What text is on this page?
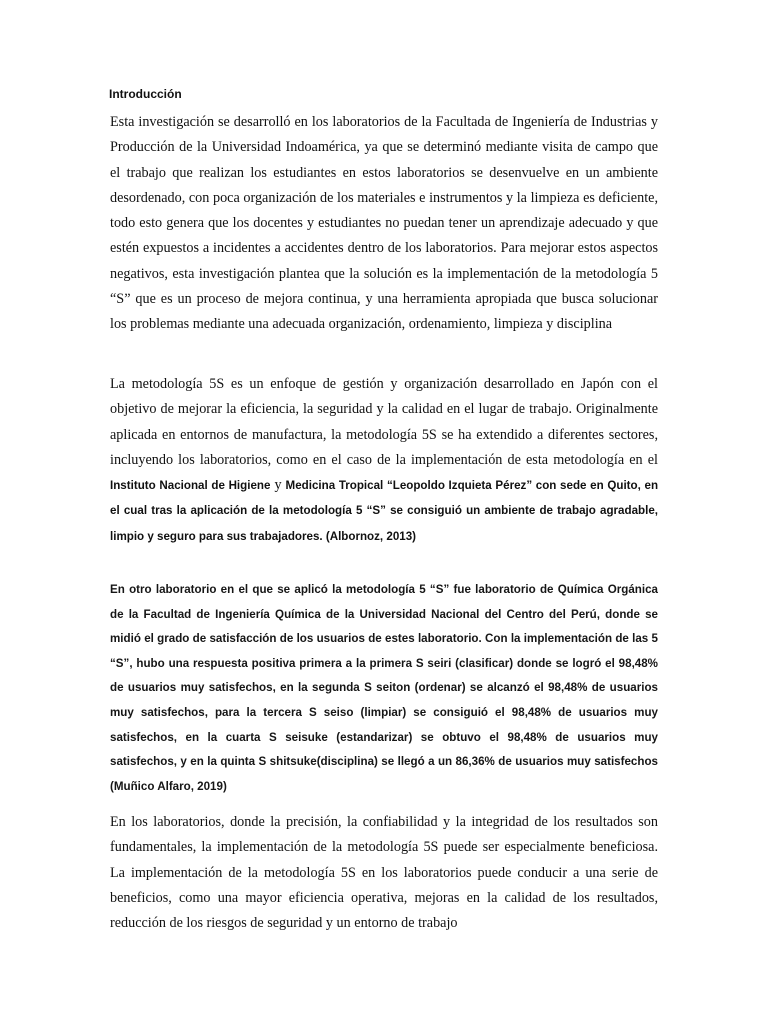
Introducción

Esta investigación se desarrolló en los laboratorios de la Facultada de Ingeniería de Industrias y Producción de la Universidad Indoamérica, ya que se determinó mediante visita de campo que el trabajo que realizan los estudiantes en estos laboratorios se desenvuelve en un ambiente desordenado, con poca organización de los materiales e instrumentos y la limpieza es deficiente, todo esto genera que los docentes y estudiantes no puedan tener un aprendizaje adecuado y que estén expuestos a incidentes a accidentes dentro de los laboratorios. Para mejorar estos aspectos negativos, esta investigación plantea que la solución es la implementación de la metodología 5 “S” que es un proceso de mejora continua, y una herramienta apropiada que busca solucionar los problemas mediante una adecuada organización, ordenamiento, limpieza y disciplina

La metodología 5S es un enfoque de gestión y organización desarrollado en Japón con el objetivo de mejorar la eficiencia, la seguridad y la calidad en el lugar de trabajo. Originalmente aplicada en entornos de manufactura, la metodología 5S se ha extendido a diferentes sectores, incluyendo los laboratorios, como en el caso de la implementación de esta metodología en el Instituto Nacional de Higiene y Medicina Tropical “Leopoldo Izquieta Pérez” con sede en Quito, en el cual tras la aplicación de la metodología 5 “S” se consiguió un ambiente de trabajo agradable, limpio y seguro para sus trabajadores. (Albornoz, 2013)

En otro laboratorio en el que se aplicó la metodología 5 “S” fue laboratorio de Química Orgánica de la Facultad de Ingeniería Química de la Universidad Nacional del Centro del Perú, donde se midió el grado de satisfacción de los usuarios de estes laboratorio. Con la implementación de las 5 “S”, hubo una respuesta positiva primera a la primera S seiri (clasificar) donde se logró el 98,48% de usuarios muy satisfechos, en la segunda S seiton (ordenar) se alcanzó el 98,48% de usuarios muy satisfechos, para la tercera S seiso (limpiar) se consiguió el 98,48% de usuarios muy satisfechos, en la cuarta S seisuke (estandarizar) se obtuvo el 98,48% de usuarios muy satisfechos, y en la quinta S shitsuke(disciplina) se llegó a un 86,36% de usuarios muy satisfechos (Muñico Alfaro, 2019)

En los laboratorios, donde la precisión, la confiabilidad y la integridad de los resultados son fundamentales, la implementación de la metodología 5S puede ser especialmente beneficiosa. La implementación de la metodología 5S en los laboratorios puede conducir a una serie de beneficios, como una mayor eficiencia operativa, mejoras en la calidad de los resultados, reducción de los riesgos de seguridad y un entorno de trabajo
